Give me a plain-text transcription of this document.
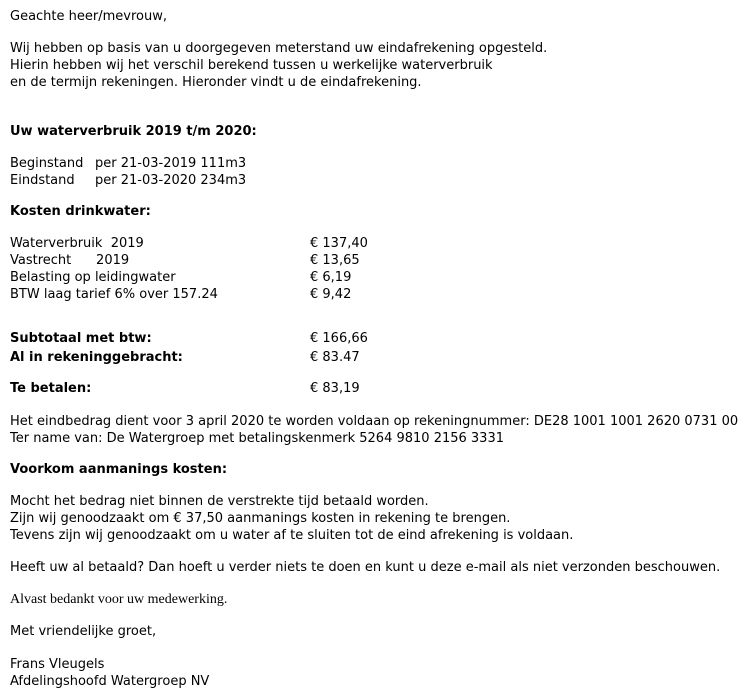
Geachte heer/mevrouw,
Wij hebben op basis van u doorgegeven meterstand uw eindafrekening opgesteld.
Hierin hebben wij het verschil berekend tussen u werkelijke waterverbruik
en de termijn rekeningen. Hieronder vindt u de eindafrekening.
Uw waterverbruik 2019 t/m 2020:
Beginstand per 21-03-2019 111m3
Eindstand	per 21-03-2020 234m3
Kosten drinkwater:
Waterverbruik  2019	€ 137,40
Vastrecht      2019	€ 13,65
Belasting op leidingwater	€ 6,19
BTW laag tarief 6% over 157.24	€ 9,42
Subtotaal met btw:	€ 166,66
Al in rekeninggebracht:	€ 83.47
Te betalen:	€ 83,19
Het eindbedrag dient voor 3 april 2020 te worden voldaan op rekeningnummer: DE28 1001 1001 2620 0731 00
Ter name van: De Watergroep met betalingskenmerk 5264 9810 2156 3331
Voorkom aanmanings kosten:
Mocht het bedrag niet binnen de verstrekte tijd betaald worden.
Zijn wij genoodzaakt om € 37,50 aanmanings kosten in rekening te brengen.
Tevens zijn wij genoodzaakt om u water af te sluiten tot de eind afrekening is voldaan.
Heeft uw al betaald? Dan hoeft u verder niets te doen en kunt u deze e-mail als niet verzonden beschouwen.
Alvast bedankt voor uw medewerking.
Met vriendelijke groet,
Frans Vleugels
Afdelingshoofd Watergroep NV
